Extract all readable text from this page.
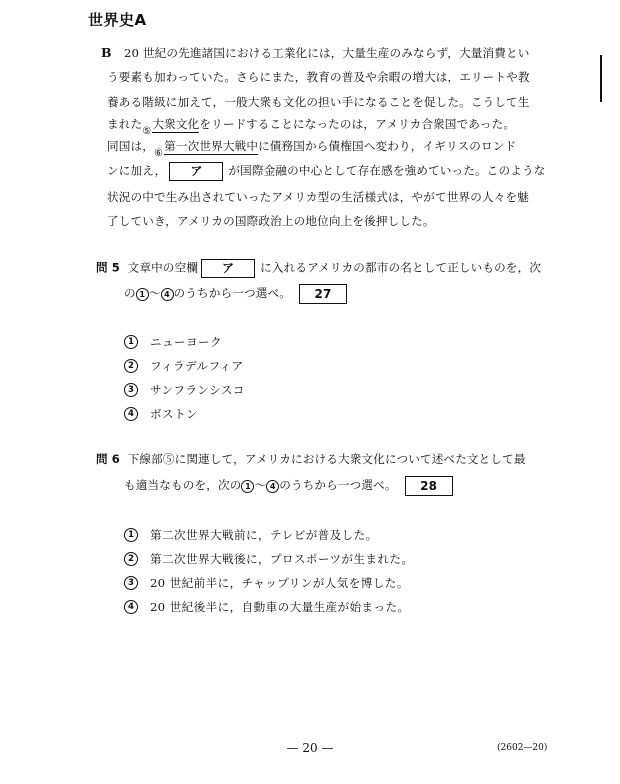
世界史A
B 20 世紀の先進諸国における工業化には，大量生産のみならず，大量消費とい
う要素も加わっていた。さらにまた，教育の普及や余暇の増大は，エリートや教
養ある階級に加えて，一般大衆も文化の担い手になることを促した。こうして生
まれた⑤大衆文化をリードすることになったのは，アメリカ合衆国であった。
同国は，⑥第一次世界大戦中に債務国から債権国へ変わり，イギリスのロンド
ンに加え， ア が国際金融の中心として存在感を強めていった。このような
状況の中で生み出されていったアメリカ型の生活様式は，やがて世界の人々を魅
了していき，アメリカの国際政治上の地位向上を後押しした。
問 5 文章中の空欄 ア に入れるアメリカの都市の名として正しいものを，次
の 1 〜 4 のうちから一つ選べ。 27
1 ニューヨーク
2 フィラデルフィア
3 サンフランシスコ
4 ボストン
問 6 下線部⑤に関連して，アメリカにおける大衆文化について述べた文として最
も適当なものを，次の 1 〜 4 のうちから一つ選べ。 28
1 第二次世界大戦前に，テレビが普及した。
2 第二次世界大戦後に，プロスポーツが生まれた。
3 20 世紀前半に，チャップリンが人気を博した。
4 20 世紀後半に，自動車の大量生産が始まった。
— 20 —	(2602—20)
